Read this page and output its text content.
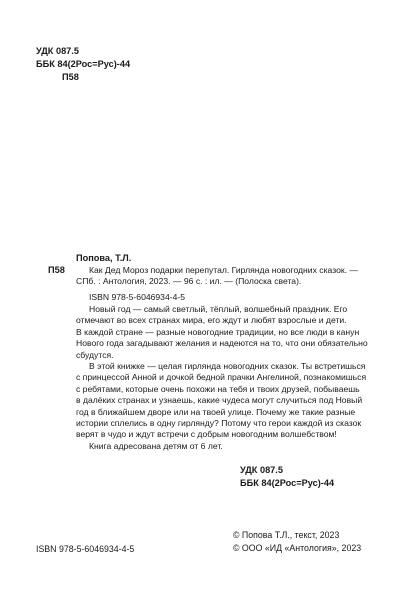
УДК 087.5
ББК 84(2Рос=Рус)-44
П58
Попова, Т.Л.
П58	Как Дед Мороз подарки перепутал. Гирлянда новогодних сказок. —
СПб. : Антология, 2023. — 96 с. : ил. — (Полоска света).
ISBN 978-5-6046934-4-5
Новый год — самый светлый, тёплый, волшебный праздник. Его
отмечают во всех странах мира, его ждут и любят взрослые и дети.
В каждой стране — разные новогодние традиции, но все люди в канун
Нового года загадывают желания и надеются на то, что они обязательно
сбудутся.
В этой книжке — целая гирлянда новогодних сказок. Ты встретишься
с принцессой Анной и дочкой бедной прачки Ангелиной, познакомишься
с ребятами, которые очень похожи на тебя и твоих друзей, побываешь
в далёких странах и узнаешь, какие чудеса могут случиться под Новый
год в ближайшем дворе или на твоей улице. Почему же такие разные
истории сплелись в одну гирлянду? Потому что герои каждой из сказок
верят в чудо и ждут встречи с добрым новогодним волшебством!
Книга адресована детям от 6 лет.
УДК 087.5
ББК 84(2Рос=Рус)-44
ISBN 978-5-6046934-4-5
© Попова Т.Л., текст, 2023
© ООО «ИД «Антология», 2023
